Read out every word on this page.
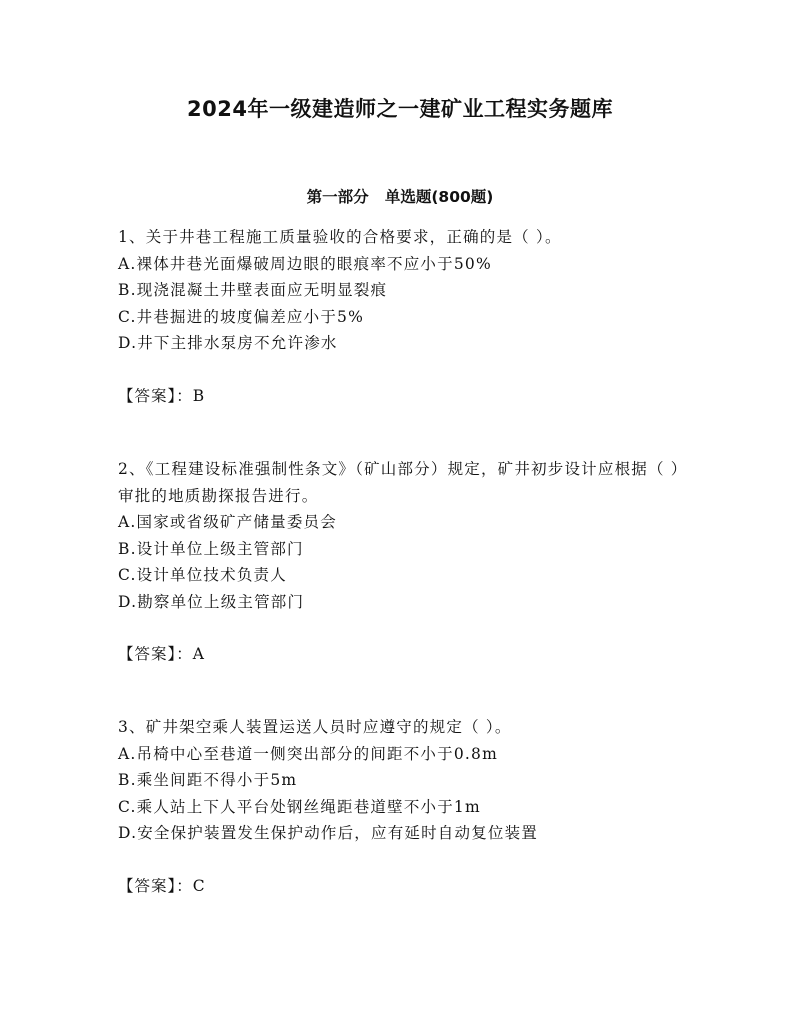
2024年一级建造师之一建矿业工程实务题库
第一部分   单选题(800题)

1、关于井巷工程施工质量验收的合格要求，正确的是（ ）。

A.裸体井巷光面爆破周边眼的眼痕率不应小于50%

B.现浇混凝土井壁表面应无明显裂痕

C.井巷掘进的坡度偏差应小于5%

D.井下主排水泵房不允许渗水

【答案】：B

2、《工程建设标准强制性条文》（矿山部分）规定，矿井初步设计应根据（ ）审批的地质勘探报告进行。

A.国家或省级矿产储量委员会

B.设计单位上级主管部门

C.设计单位技术负责人

D.勘察单位上级主管部门

【答案】：A

3、矿井架空乘人装置运送人员时应遵守的规定（ ）。

A.吊椅中心至巷道一侧突出部分的间距不小于0.8m

B.乘坐间距不得小于5m

C.乘人站上下人平台处钢丝绳距巷道壁不小于1m

D.安全保护装置发生保护动作后，应有延时自动复位装置

【答案】：C
